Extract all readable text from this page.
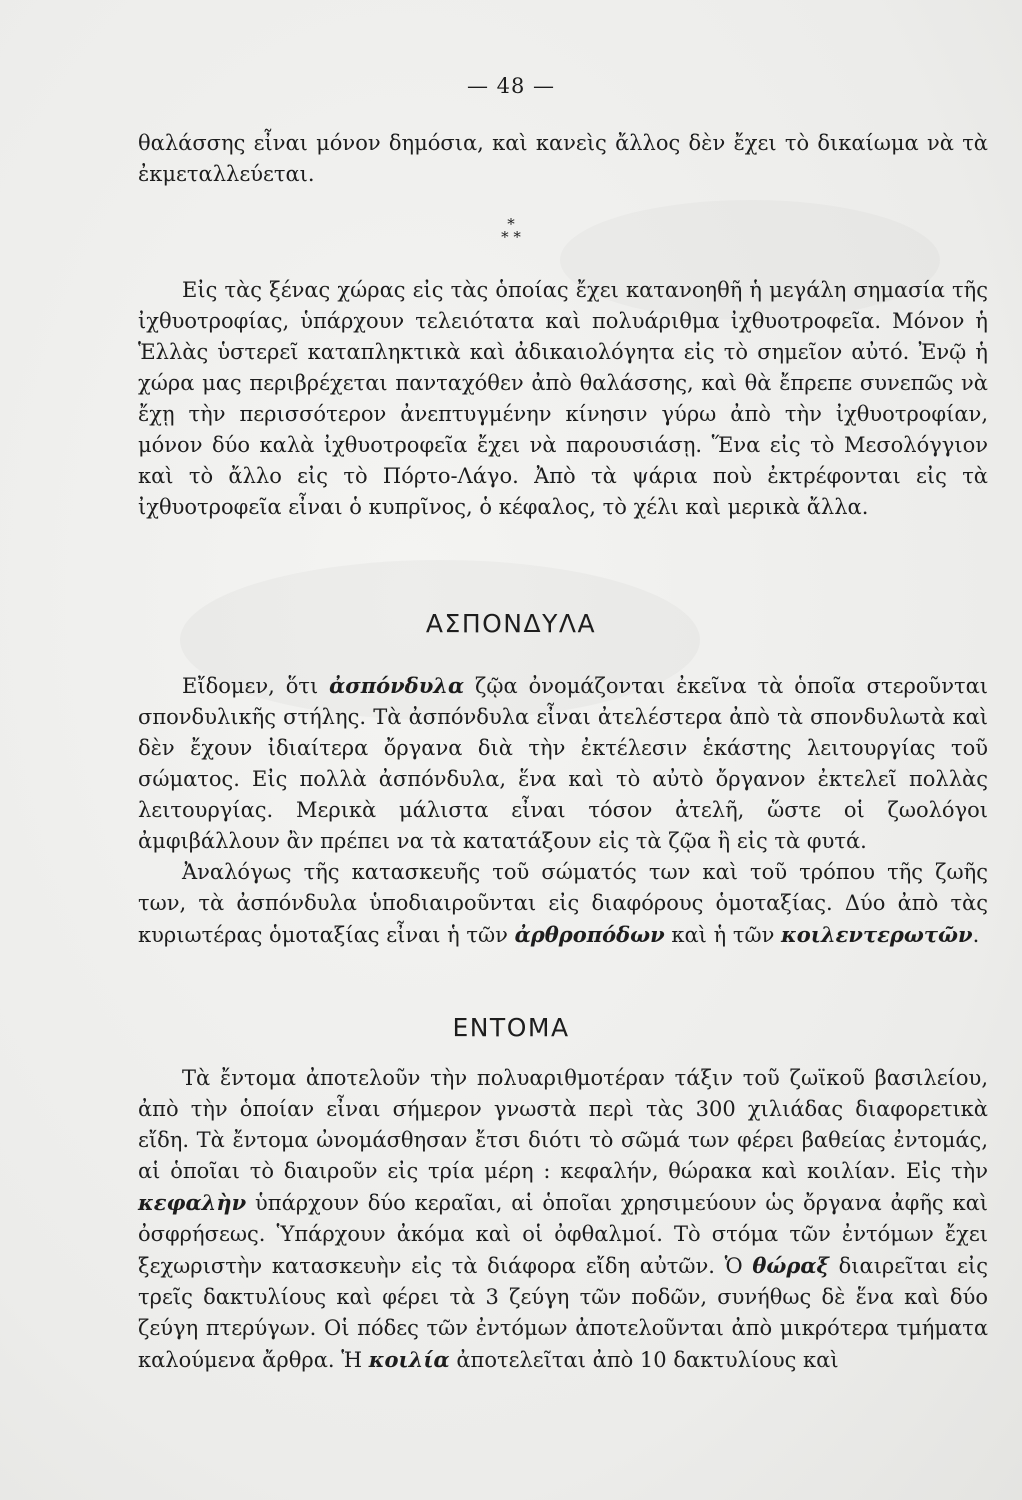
— 48 —

θαλάσσης εἶναι μόνον δημόσια, καὶ κανεὶς ἄλλος δὲν ἔχει τὸ δικαίωμα νὰ τὰ ἐκμεταλλεύεται.

*
* *

Εἰς τὰς ξένας χώρας εἰς τὰς ὁποίας ἔχει κατανοηθῆ ἡ μεγάλη σημασία τῆς ἰχθυοτροφίας, ὑπάρχουν τελειότατα καὶ πολυάριθμα ἰχθυοτροφεῖα. Μόνον ἡ Ἑλλὰς ὑστερεῖ καταπληκτικὰ καὶ ἀδικαιολόγητα εἰς τὸ σημεῖον αὐτό. Ἐνῷ ἡ χώρα μας περιβρέχεται πανταχόθεν ἀπὸ θαλάσσης, καὶ θὰ ἔπρεπε συνεπῶς νὰ ἔχῃ τὴν περισσότερον ἀνεπτυγμένην κίνησιν γύρω ἀπὸ τὴν ἰχθυοτροφίαν, μόνον δύο καλὰ ἰχθυοτροφεῖα ἔχει νὰ παρουσιάσῃ. Ἕνα εἰς τὸ Μεσολόγγιον καὶ τὸ ἄλλο εἰς τὸ Πόρτο-Λάγο. Ἀπὸ τὰ ψάρια ποὺ ἐκτρέφονται εἰς τὰ ἰχθυοτροφεῖα εἶναι ὁ κυπρῖνος, ὁ κέφαλος, τὸ χέλι καὶ μερικὰ ἄλλα.

ΑΣΠΟΝΔΥΛΑ

Εἴδομεν, ὅτι ἀσπόνδυλα ζῷα ὀνομάζονται ἐκεῖνα τὰ ὁποῖα στεροῦνται σπονδυλικῆς στήλης. Τὰ ἀσπόνδυλα εἶναι ἀτελέστερα ἀπὸ τὰ σπονδυλωτὰ καὶ δὲν ἔχουν ἰδιαίτερα ὄργανα διὰ τὴν ἐκτέλεσιν ἑκάστης λειτουργίας τοῦ σώματος. Εἰς πολλὰ ἀσπόνδυλα, ἕνα καὶ τὸ αὐτὸ ὄργανον ἐκτελεῖ πολλὰς λειτουργίας. Μερικὰ μάλιστα εἶναι τόσον ἀτελῆ, ὥστε οἱ ζωολόγοι ἀμφιβάλλουν ἂν πρέπει να τὰ κατατάξουν εἰς τὰ ζῷα ἢ εἰς τὰ φυτά.

Ἀναλόγως τῆς κατασκευῆς τοῦ σώματός των καὶ τοῦ τρόπου τῆς ζωῆς των, τὰ ἀσπόνδυλα ὑποδιαιροῦνται εἰς διαφόρους ὁμοταξίας. Δύο ἀπὸ τὰς κυριωτέρας ὁμοταξίας εἶναι ἡ τῶν ἀρθροπόδων καὶ ἡ τῶν κοιλεντερωτῶν.

ΕΝΤΟΜΑ

Τὰ ἔντομα ἀποτελοῦν τὴν πολυαριθμοτέραν τάξιν τοῦ ζωϊκοῦ βασιλείου, ἀπὸ τὴν ὁποίαν εἶναι σήμερον γνωστὰ περὶ τὰς 300 χιλιάδας διαφορετικὰ εἴδη. Τὰ ἔντομα ὠνομάσθησαν ἔτσι διότι τὸ σῶμά των φέρει βαθείας ἐντομάς, αἱ ὁποῖαι τὸ διαιροῦν εἰς τρία μέρη : κεφαλήν, θώρακα καὶ κοιλίαν. Εἰς τὴν κεφαλὴν ὑπάρχουν δύο κεραῖαι, αἱ ὁποῖαι χρησιμεύουν ὡς ὄργανα ἀφῆς καὶ ὀσφρήσεως. Ὑπάρχουν ἀκόμα καὶ οἱ ὀφθαλμοί. Τὸ στόμα τῶν ἐντόμων ἔχει ξεχωριστὴν κατασκευὴν εἰς τὰ διάφορα εἴδη αὐτῶν. Ὁ θώραξ διαιρεῖται εἰς τρεῖς δακτυλίους καὶ φέρει τὰ 3 ζεύγη τῶν ποδῶν, συνήθως δὲ ἕνα καὶ δύο ζεύγη πτερύγων. Οἱ πόδες τῶν ἐντόμων ἀποτελοῦνται ἀπὸ μικρότερα τμήματα καλούμενα ἄρθρα. Ἡ κοιλία ἀποτελεῖται ἀπὸ 10 δακτυλίους καὶ
